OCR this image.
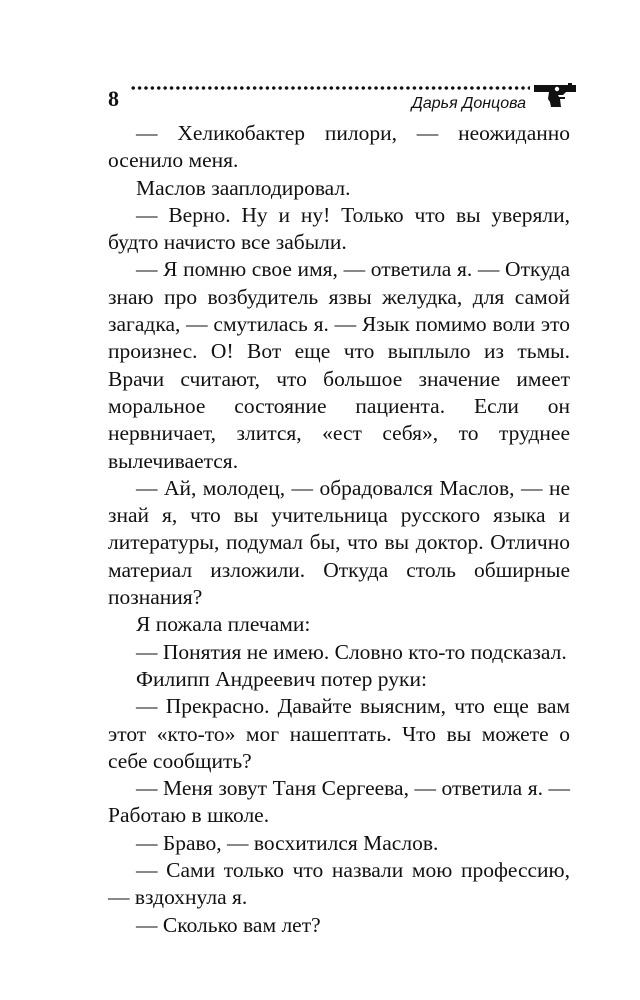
8	Дарья Донцова

— Хеликобактер пилори, — неожиданно осенило меня.

Маслов зааплодировал.

— Верно. Ну и ну! Только что вы уверяли, будто начисто все забыли.

— Я помню свое имя, — ответила я. — Откуда знаю про возбудитель язвы желудка, для самой загадка, — смутилась я. — Язык помимо воли это произнес. О! Вот еще что выплыло из тьмы. Врачи считают, что большое значение имеет моральное состояние пациента. Если он нервничает, злится, «ест себя», то труднее вылечивается.

— Ай, молодец, — обрадовался Маслов, — не знай я, что вы учительница русского языка и литературы, подумал бы, что вы доктор. Отлично материал изложили. Откуда столь обширные познания?

Я пожала плечами:

— Понятия не имею. Словно кто-то подсказал.

Филипп Андреевич потер руки:

— Прекрасно. Давайте выясним, что еще вам этот «кто-то» мог нашептать. Что вы можете о себе сообщить?

— Меня зовут Таня Сергеева, — ответила я. — Работаю в школе.

— Браво, — восхитился Маслов.

— Сами только что назвали мою профессию, — вздохнула я.

— Сколько вам лет?
